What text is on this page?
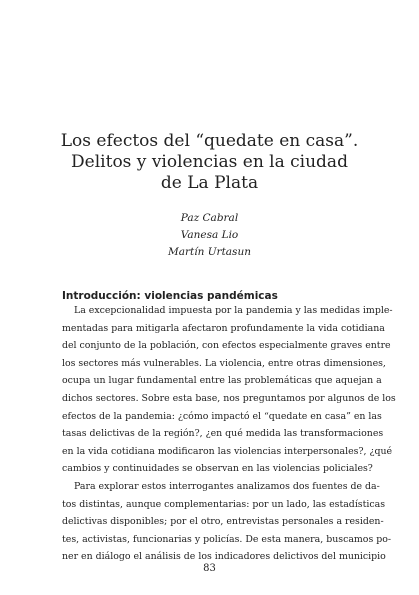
Los efectos del “quedate en casa”.
Delitos y violencias en la ciudad
de La Plata
Paz Cabral
Vanesa Lio
Martín Urtasun
Introducción: violencias pandémicas
La excepcionalidad impuesta por la pandemia y las medidas imple-
mentadas para mitigarla afectaron profundamente la vida cotidiana
del conjunto de la población, con efectos especialmente graves entre
los sectores más vulnerables. La violencia, entre otras dimensiones,
ocupa un lugar fundamental entre las problemáticas que aquejan a
dichos sectores. Sobre esta base, nos preguntamos por algunos de los
efectos de la pandemia: ¿cómo impactó el “quedate en casa” en las
tasas delictivas de la región?, ¿en qué medida las transformaciones
en la vida cotidiana modificaron las violencias interpersonales?, ¿qué
cambios y continuidades se observan en las violencias policiales?
Para explorar estos interrogantes analizamos dos fuentes de da-
tos distintas, aunque complementarias: por un lado, las estadísticas
delictivas disponibles; por el otro, entrevistas personales a residen-
tes, activistas, funcionarias y policías. De esta manera, buscamos po-
ner en diálogo el análisis de los indicadores delictivos del municipio
83
